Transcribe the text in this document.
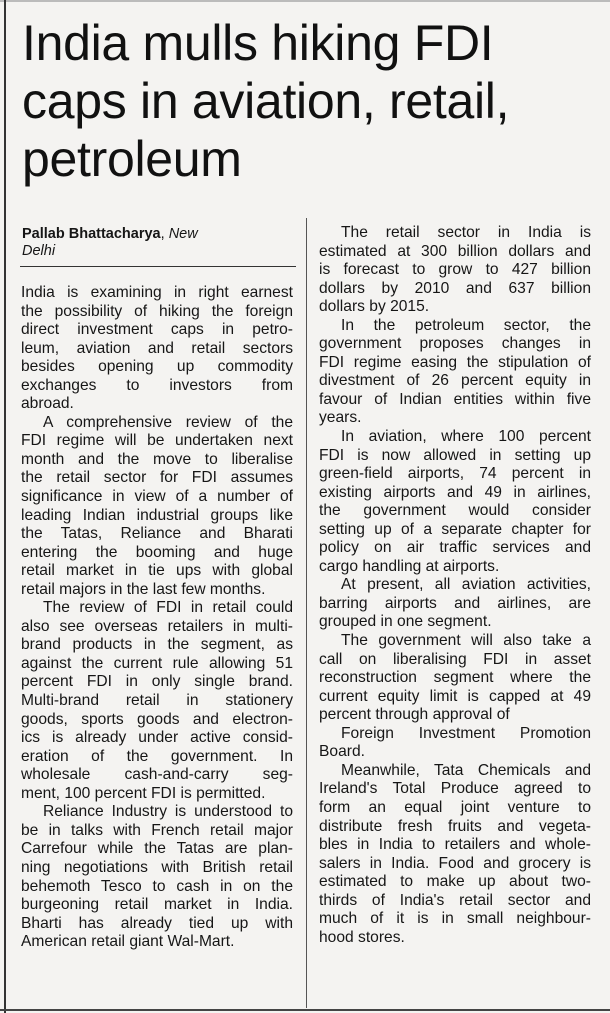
India mulls hiking FDI
caps in aviation, retail,
petroleum
Pallab Bhattacharya, New
Delhi
India is examining in right earnest
the possibility of hiking the foreign
direct investment caps in petro-
leum, aviation and retail sectors
besides opening up commodity
exchanges to investors from
abroad.
A comprehensive review of the
FDI regime will be undertaken next
month and the move to liberalise
the retail sector for FDI assumes
significance in view of a number of
leading Indian industrial groups like
the Tatas, Reliance and Bharati
entering the booming and huge
retail market in tie ups with global
retail majors in the last few months.
The review of FDI in retail could
also see overseas retailers in multi-
brand products in the segment, as
against the current rule allowing 51
percent FDI in only single brand.
Multi-brand retail in stationery
goods, sports goods and electron-
ics is already under active consid-
eration of the government. In
wholesale cash-and-carry seg-
ment, 100 percent FDI is permitted.
Reliance Industry is understood to
be in talks with French retail major
Carrefour while the Tatas are plan-
ning negotiations with British retail
behemoth Tesco to cash in on the
burgeoning retail market in India.
Bharti has already tied up with
American retail giant Wal-Mart.
The retail sector in India is
estimated at 300 billion dollars and
is forecast to grow to 427 billion
dollars by 2010 and 637 billion
dollars by 2015.
In the petroleum sector, the
government proposes changes in
FDI regime easing the stipulation of
divestment of 26 percent equity in
favour of Indian entities within five
years.
In aviation, where 100 percent
FDI is now allowed in setting up
green-field airports, 74 percent in
existing airports and 49 in airlines,
the government would consider
setting up of a separate chapter for
policy on air traffic services and
cargo handling at airports.
At present, all aviation activities,
barring airports and airlines, are
grouped in one segment.
The government will also take a
call on liberalising FDI in asset
reconstruction segment where the
current equity limit is capped at 49
percent through approval of
Foreign Investment Promotion
Board.
Meanwhile, Tata Chemicals and
Ireland's Total Produce agreed to
form an equal joint venture to
distribute fresh fruits and vegeta-
bles in India to retailers and whole-
salers in India. Food and grocery is
estimated to make up about two-
thirds of India's retail sector and
much of it is in small neighbour-
hood stores.
